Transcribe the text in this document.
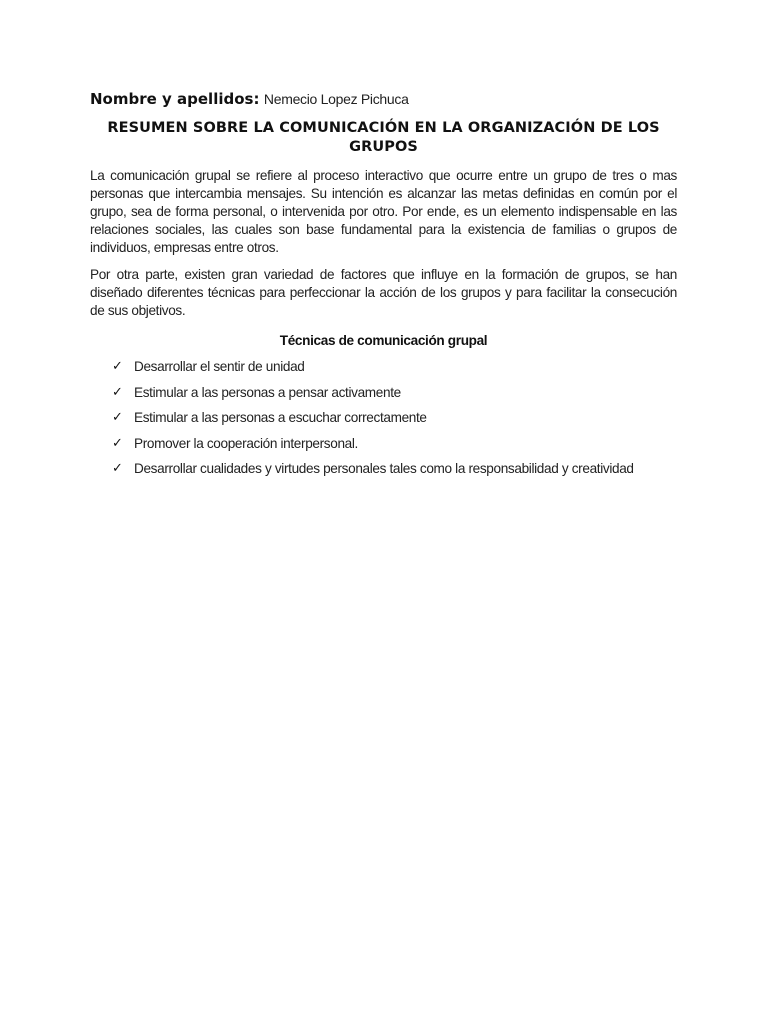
Nombre y apellidos: Nemecio Lopez Pichuca

RESUMEN SOBRE LA COMUNICACIÓN EN LA ORGANIZACIÓN DE LOS GRUPOS

La comunicación grupal se refiere al proceso interactivo que ocurre entre un grupo de tres o mas personas que intercambia mensajes. Su intención es alcanzar las metas definidas en común por el grupo, sea de forma personal, o intervenida por otro. Por ende, es un elemento indispensable en las relaciones sociales, las cuales son base fundamental para la existencia de familias o grupos de individuos, empresas entre otros.

Por otra parte, existen gran variedad de factores que influye en la formación de grupos, se han diseñado diferentes técnicas para perfeccionar la acción de los grupos y para facilitar la consecución de sus objetivos.

Técnicas de comunicación grupal
✓ Desarrollar el sentir de unidad
✓ Estimular a las personas a pensar activamente
✓ Estimular a las personas a escuchar correctamente
✓ Promover la cooperación interpersonal.
✓ Desarrollar cualidades y virtudes personales tales como la responsabilidad y creatividad
